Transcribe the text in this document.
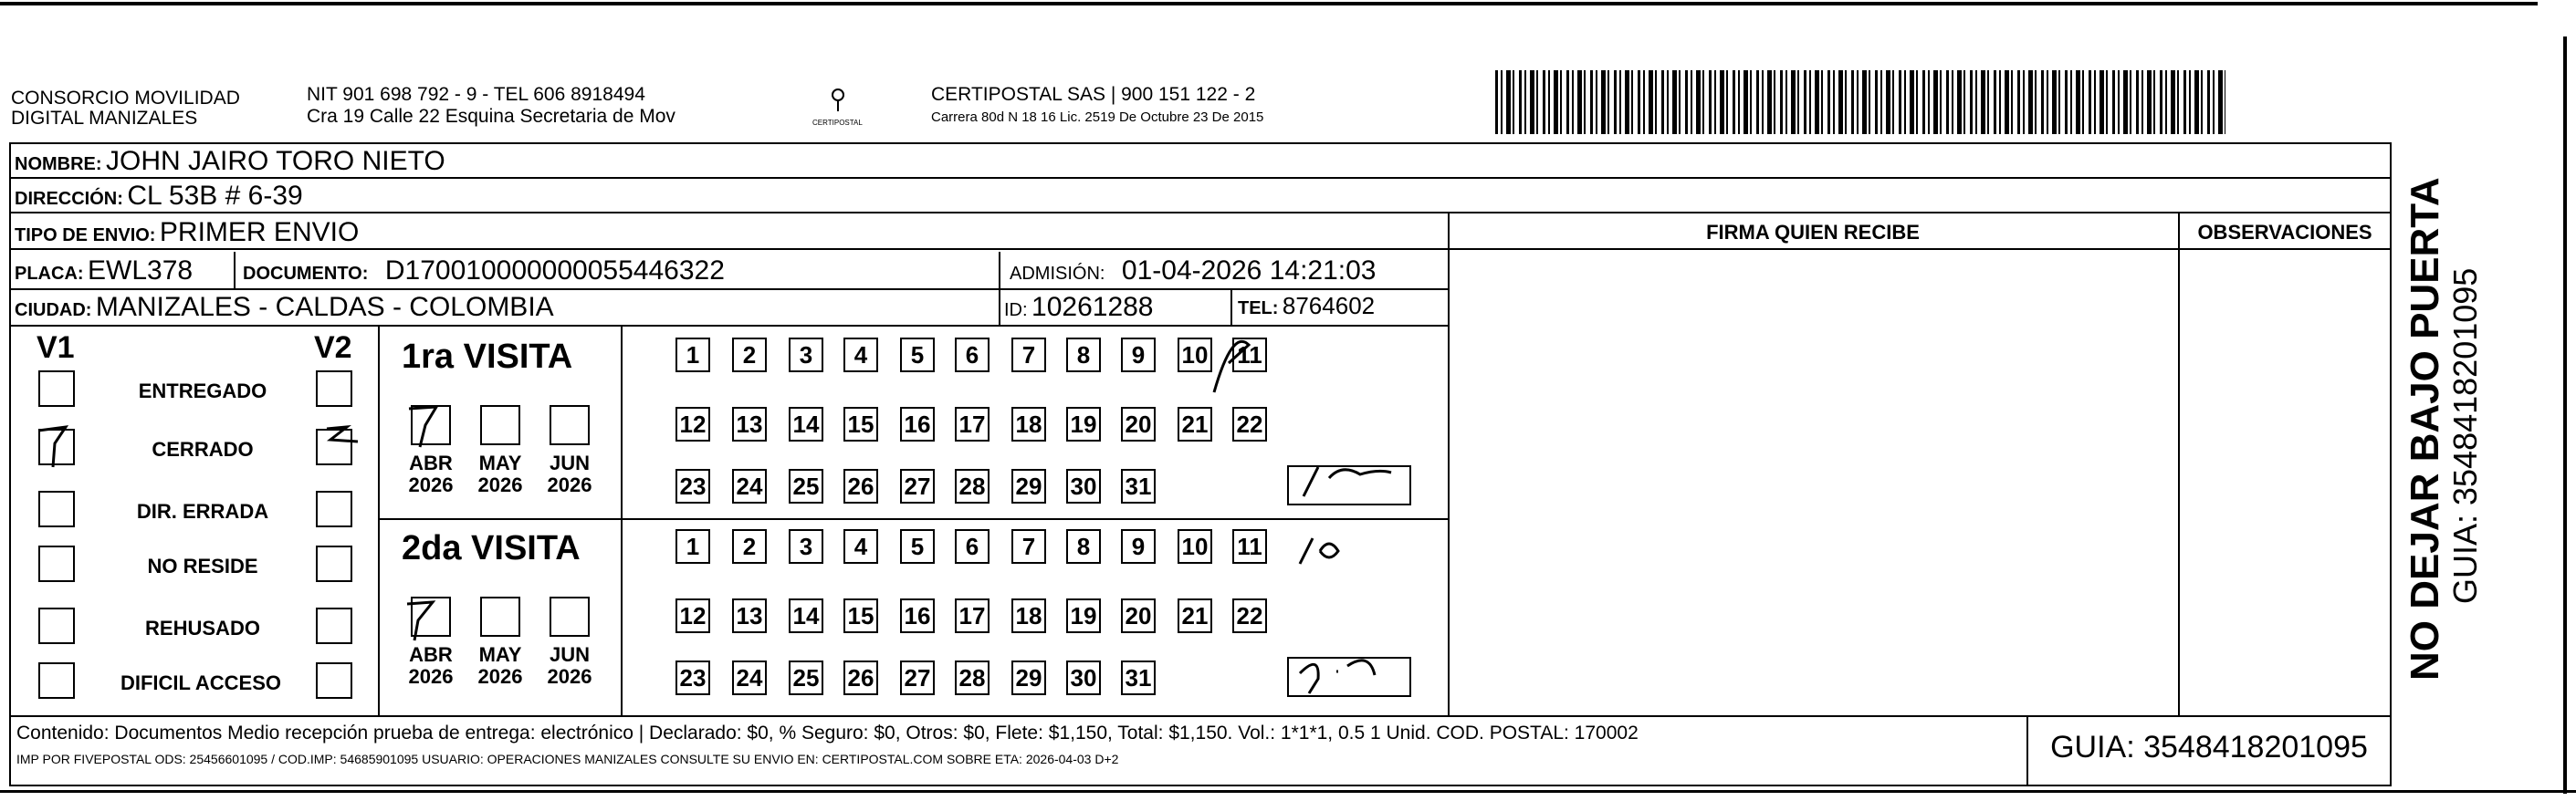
CONSORCIO MOVILIDAD
DIGITAL MANIZALES
NIT 901 698 792 - 9 - TEL 606 8918494
Cra 19 Calle 22 Esquina Secretaria de Mov	CERTIPOSTAL
CERTIPOSTAL SAS | 900 151 122 - 2
Carrera 80d N 18 16 Lic. 2519 De Octubre 23 De 2015
NOMBRE: JOHN JAIRO TORO NIETO
DIRECCIÓN: CL 53B # 6-39
TIPO DE ENVIO: PRIMER ENVIO
PLACA: EWL378	DOCUMENTO: D170010000000055446322	ADMISIÓN: 01-04-2026 14:21:03
CIUDAD: MANIZALES - CALDAS - COLOMBIA	ID: 10261288	TEL: 8764602
FIRMA QUIEN RECIBE	OBSERVACIONES
V1	V2
ENTREGADO
CERRADO
DIR. ERRADA
NO RESIDE
REHUSADO
DIFICIL ACCESO
1ra VISITA
2da VISITA
ABR
2026
MAY
2026
JUN
2026
1	2	3	4	5	6	7	8	9	10 11
12 13 14 15 16 17 18 19 20 21 22
23 24 25 26 27 28 29 30 31
ABR
2026
MAY
2026
JUN
2026
1	2	3	4	5	6	7	8	9	10 11
12 13 14 15 16 17 18 19 20 21 22
23 24 25 26 27 28 29 30 31
Contenido: Documentos Medio recepción prueba de entrega: electrónico | Declarado: $0, % Seguro: $0, Otros: $0, Flete: $1,150, Total: $1,150. Vol.: 1*1*1, 0.5 1 Unid. COD. POSTAL: 170002
IMP POR FIVEPOSTAL ODS: 25456601095 / COD.IMP: 54685901095 USUARIO: OPERACIONES MANIZALES CONSULTE SU ENVIO EN: CERTIPOSTAL.COM SOBRE ETA: 2026-04-03 D+2	GUIA: 3548418201095
NO DEJAR BAJO PUERTA GUIA: 3548418201095
